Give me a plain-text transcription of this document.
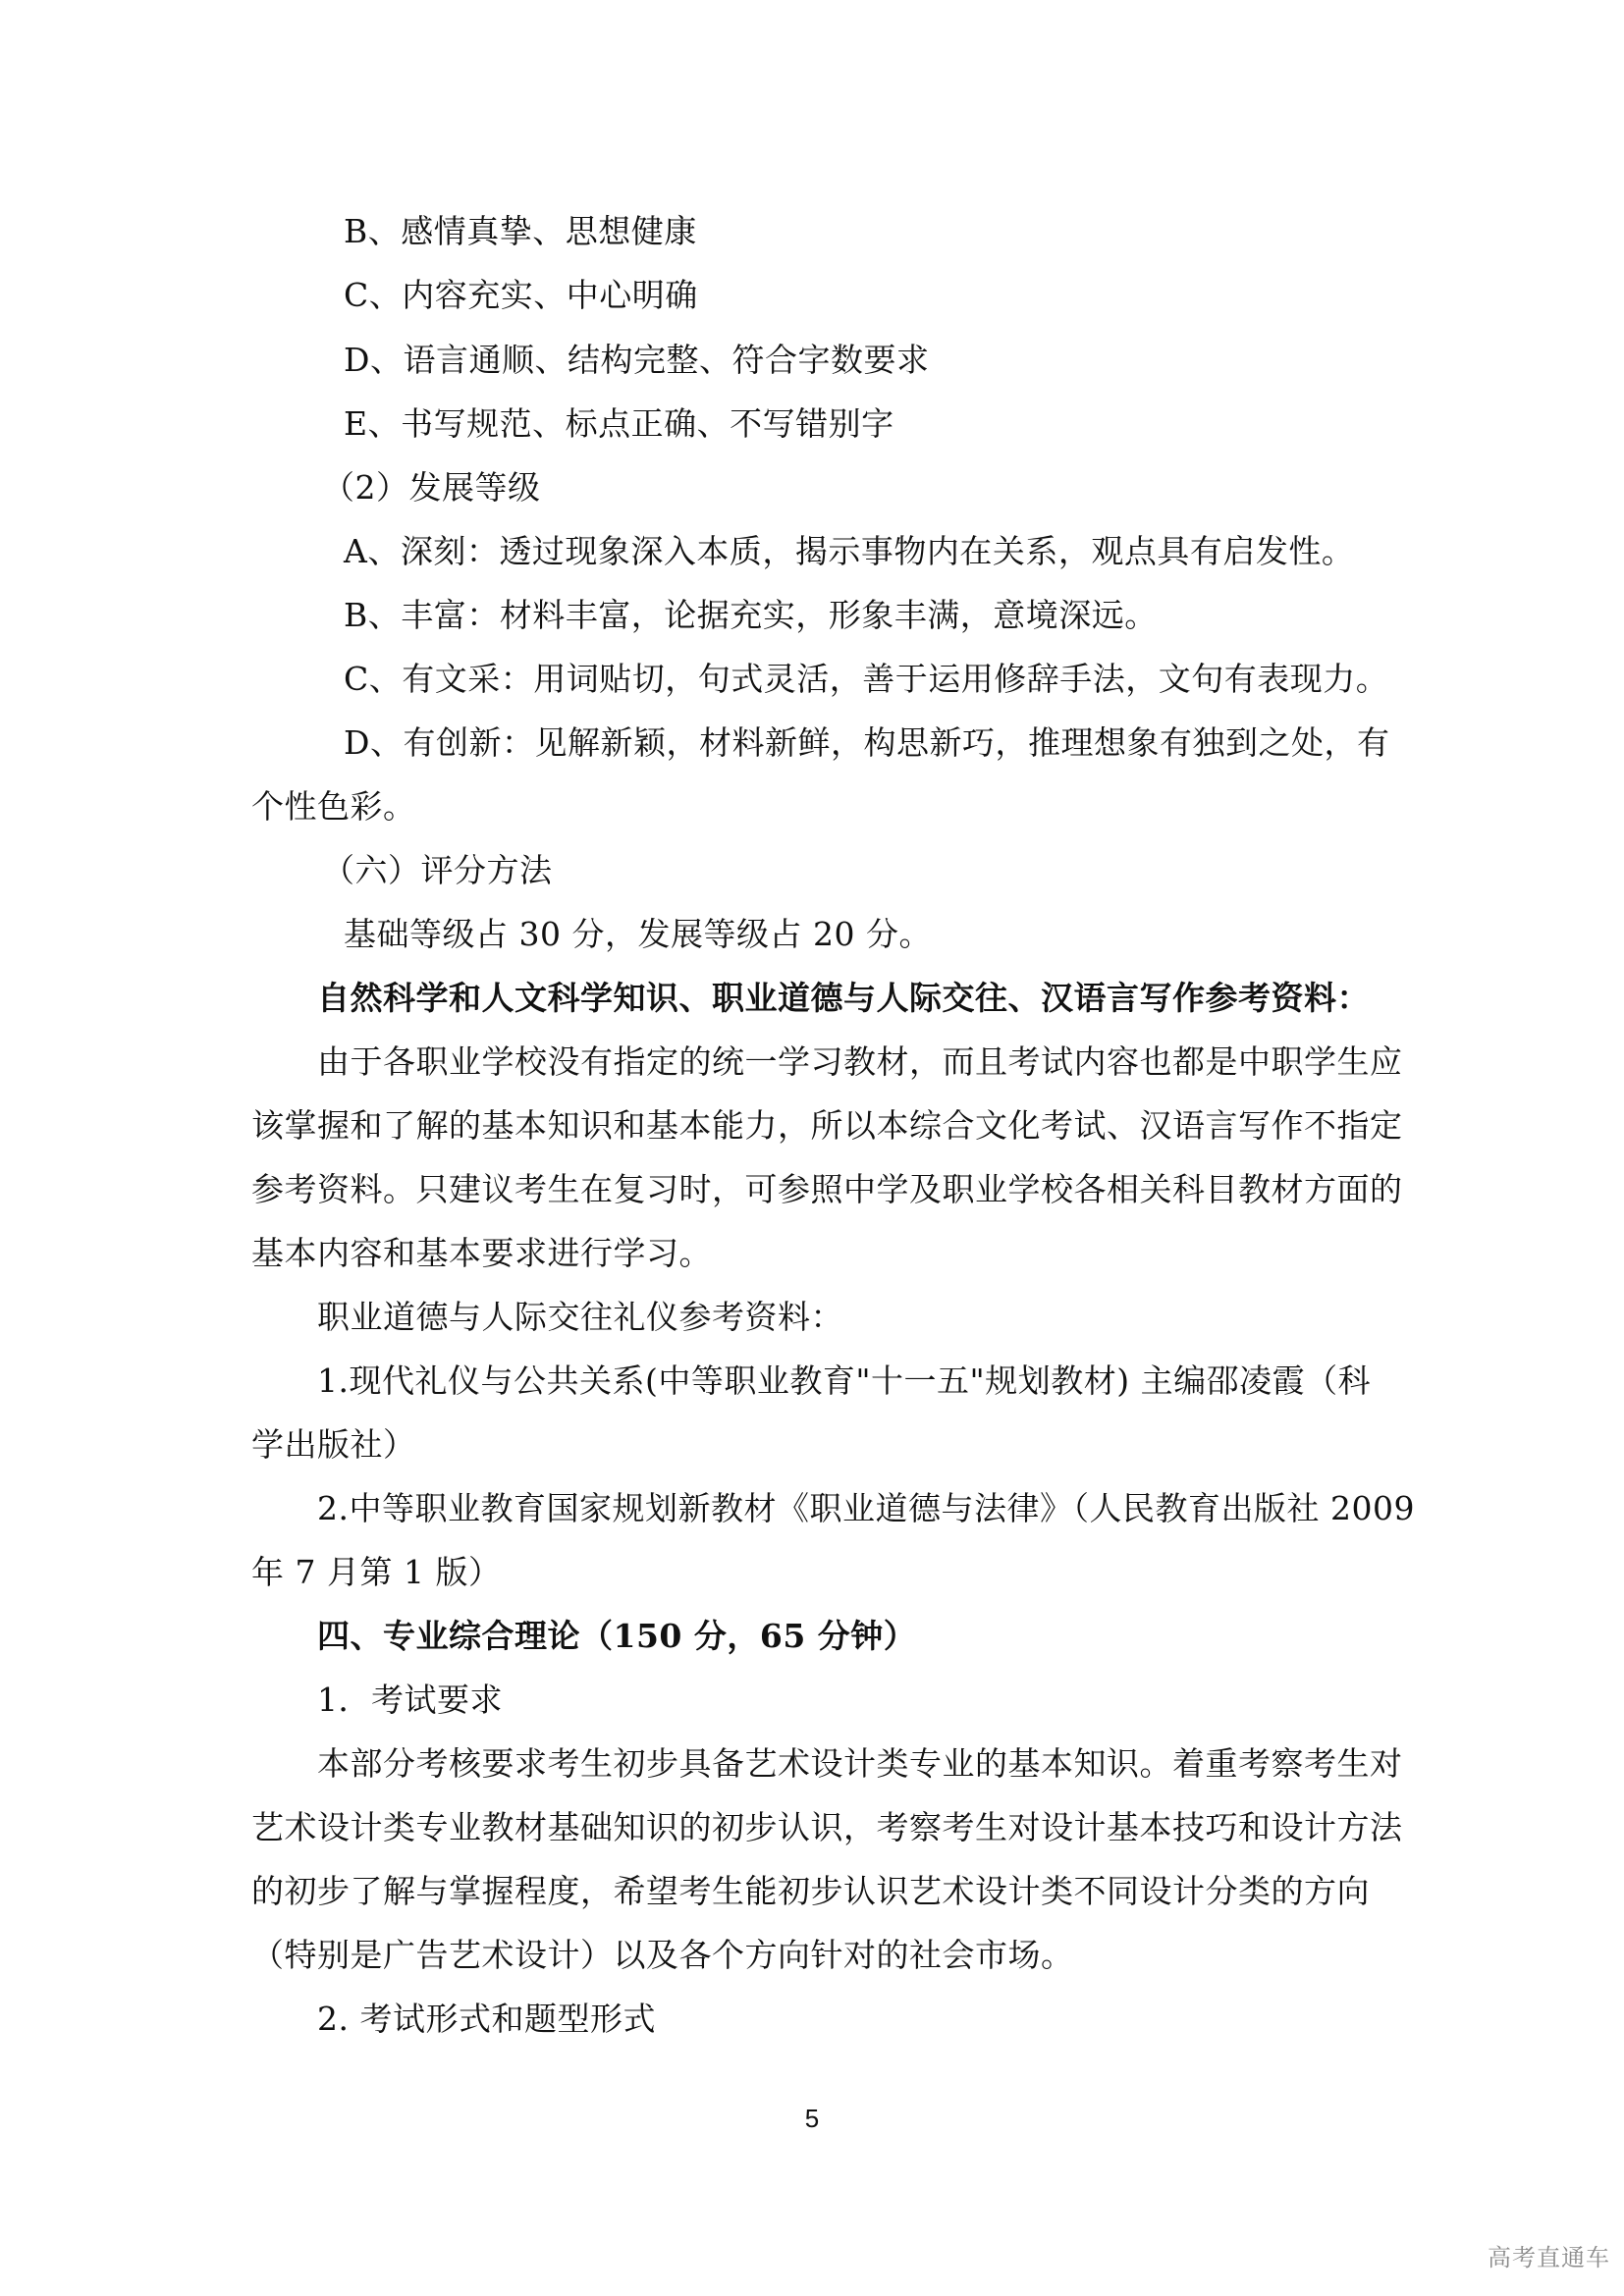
B、感情真挚、思想健康
C、内容充实、中心明确
D、语言通顺、结构完整、符合字数要求
E、书写规范、标点正确、不写错别字
（2）发展等级
A、深刻：透过现象深入本质，揭示事物内在关系，观点具有启发性。
B、丰富：材料丰富，论据充实，形象丰满，意境深远。
C、有文采：用词贴切，句式灵活，善于运用修辞手法，文句有表现力。
D、有创新：见解新颖，材料新鲜，构思新巧，推理想象有独到之处，有
个性色彩。
（六）评分方法
基础等级占 30 分，发展等级占 20 分。
自然科学和人文科学知识、职业道德与人际交往、汉语言写作参考资料：
由于各职业学校没有指定的统一学习教材，而且考试内容也都是中职学生应
该掌握和了解的基本知识和基本能力，所以本综合文化考试、汉语言写作不指定
参考资料。只建议考生在复习时，可参照中学及职业学校各相关科目教材方面的
基本内容和基本要求进行学习。
职业道德与人际交往礼仪参考资料：
1.现代礼仪与公共关系(中等职业教育"十一五"规划教材) 主编邵凌霞（科
学出版社）
2.中等职业教育国家规划新教材《职业道德与法律》（人民教育出版社 2009
年 7 月第 1 版）
四、专业综合理论（150 分，65 分钟）
1．考试要求
本部分考核要求考生初步具备艺术设计类专业的基本知识。着重考察考生对
艺术设计类专业教材基础知识的初步认识，考察考生对设计基本技巧和设计方法
的初步了解与掌握程度，希望考生能初步认识艺术设计类不同设计分类的方向
（特别是广告艺术设计）以及各个方向针对的社会市场。
2. 考试形式和题型形式
5
高考直通车
